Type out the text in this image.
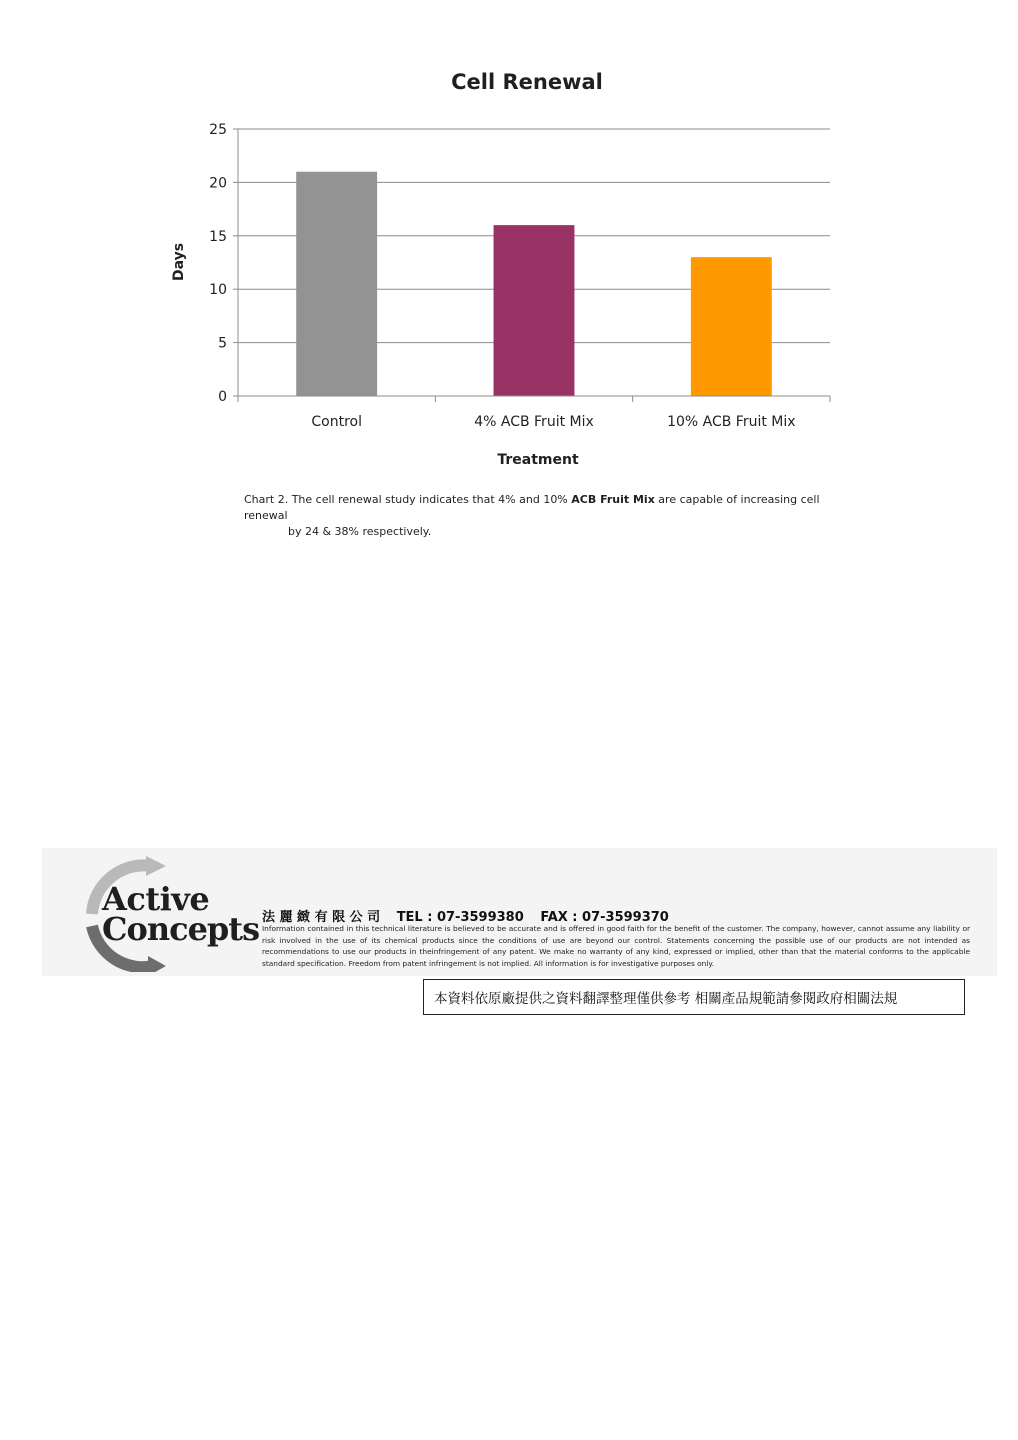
Cell Renewal
0
5
10
15
20
25
Control	4% ACB Fruit Mix	10% ACB Fruit Mix
Treatment
Days
Chart 2. The cell renewal study indicates that 4% and 10% ACB Fruit Mix are capable of increasing cell renewal
by 24 & 38% respectively.
Active
Concepts 法 麗 緻 有 限 公 司 TEL : 07-3599380 FAX : 07-3599370
Information contained in this technical literature is believed to be accurate and is offered in good faith for the benefit of the customer. The company, however, cannot assume any liability or risk involved in the use of its chemical products since the conditions of use are beyond our control. Statements concerning the possible use of our products are not intended as recommendations to use our products in theinfringement of any patent. We make no warranty of any kind, expressed or implied, other than that the material conforms to the applicable standard specification. Freedom from patent infringement is not implied. All information is for investigative purposes only.
本資料依原廠提供之資料翻譯整理僅供參考 相關產品規範請參閱政府相關法規
